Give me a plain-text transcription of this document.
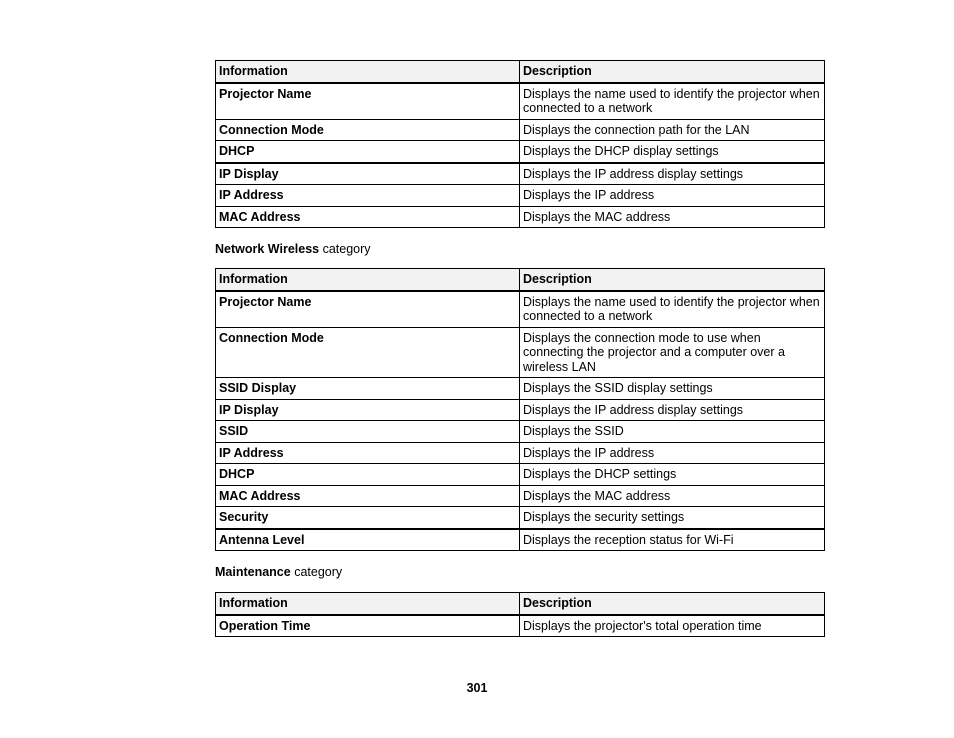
Information	Description
Projector Name	Displays the name used to identify the projector when connected to a network
Connection Mode	Displays the connection path for the LAN
DHCP	Displays the DHCP display settings
IP Display	Displays the IP address display settings
IP Address	Displays the IP address
MAC Address	Displays the MAC address
Network Wireless category
Information	Description
Projector Name	Displays the name used to identify the projector when connected to a network
Connection Mode	Displays the connection mode to use when connecting the projector and a computer over a wireless LAN
SSID Display	Displays the SSID display settings
IP Display	Displays the IP address display settings
SSID	Displays the SSID
IP Address	Displays the IP address
DHCP	Displays the DHCP settings
MAC Address	Displays the MAC address
Security	Displays the security settings
Antenna Level	Displays the reception status for Wi-Fi
Maintenance category
Information	Description
Operation Time	Displays the projector's total operation time
301
